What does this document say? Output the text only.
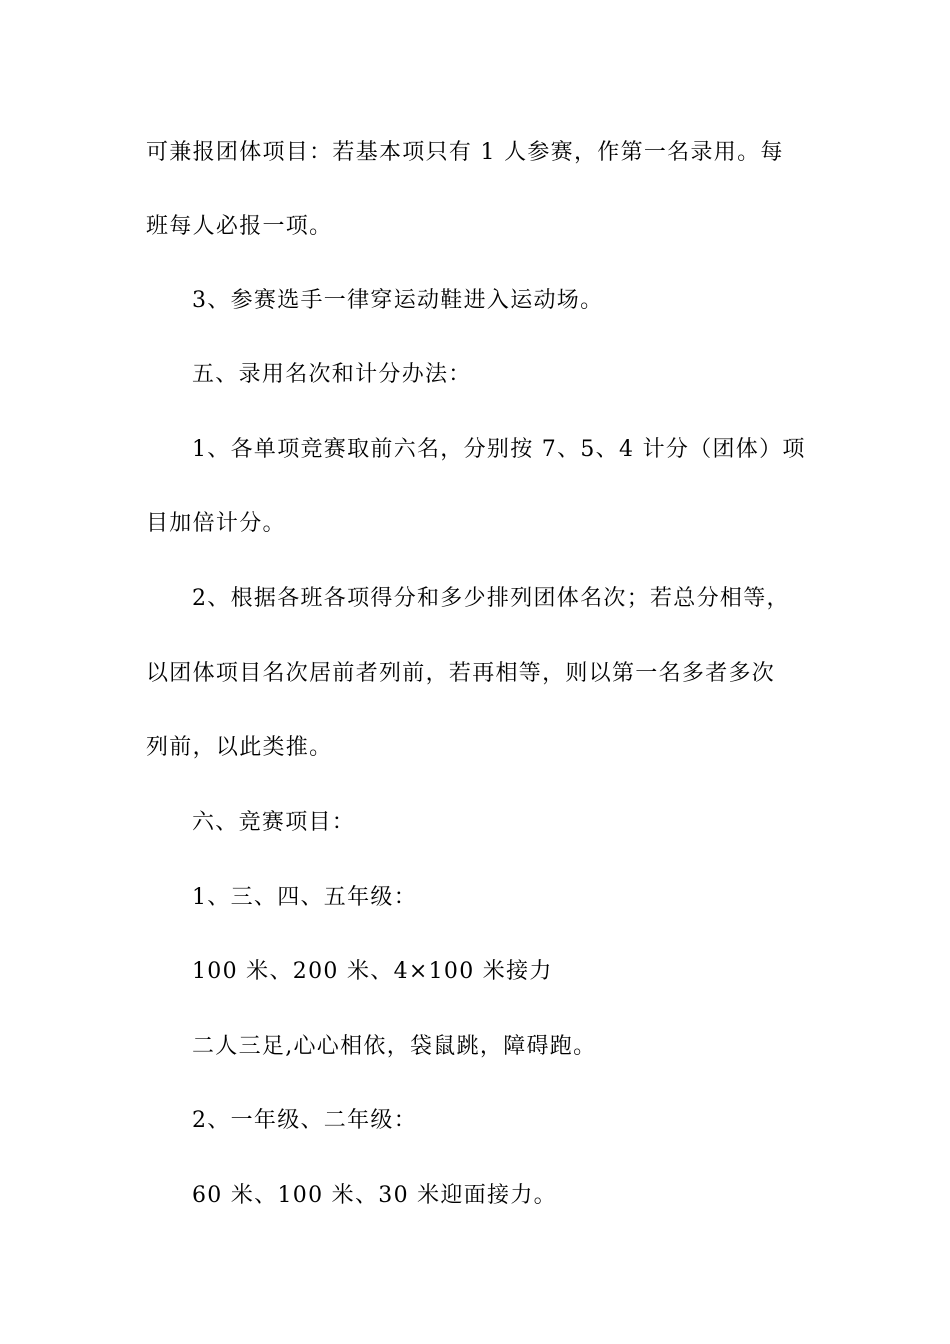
可兼报团体项目：若基本项只有 1 人参赛，作第一名录用。每
班每人必报一项。
3、参赛选手一律穿运动鞋进入运动场。
五、录用名次和计分办法：
1、各单项竞赛取前六名，分别按 7、5、4 计分（团体）项
目加倍计分。
2、根据各班各项得分和多少排列团体名次；若总分相等，
以团体项目名次居前者列前，若再相等，则以第一名多者多次
列前，以此类推。
六、竞赛项目：
1、三、四、五年级：
100 米、200 米、4×100 米接力
二人三足,心心相依，袋鼠跳，障碍跑。
2、一年级、二年级：
60 米、100 米、30 米迎面接力。
